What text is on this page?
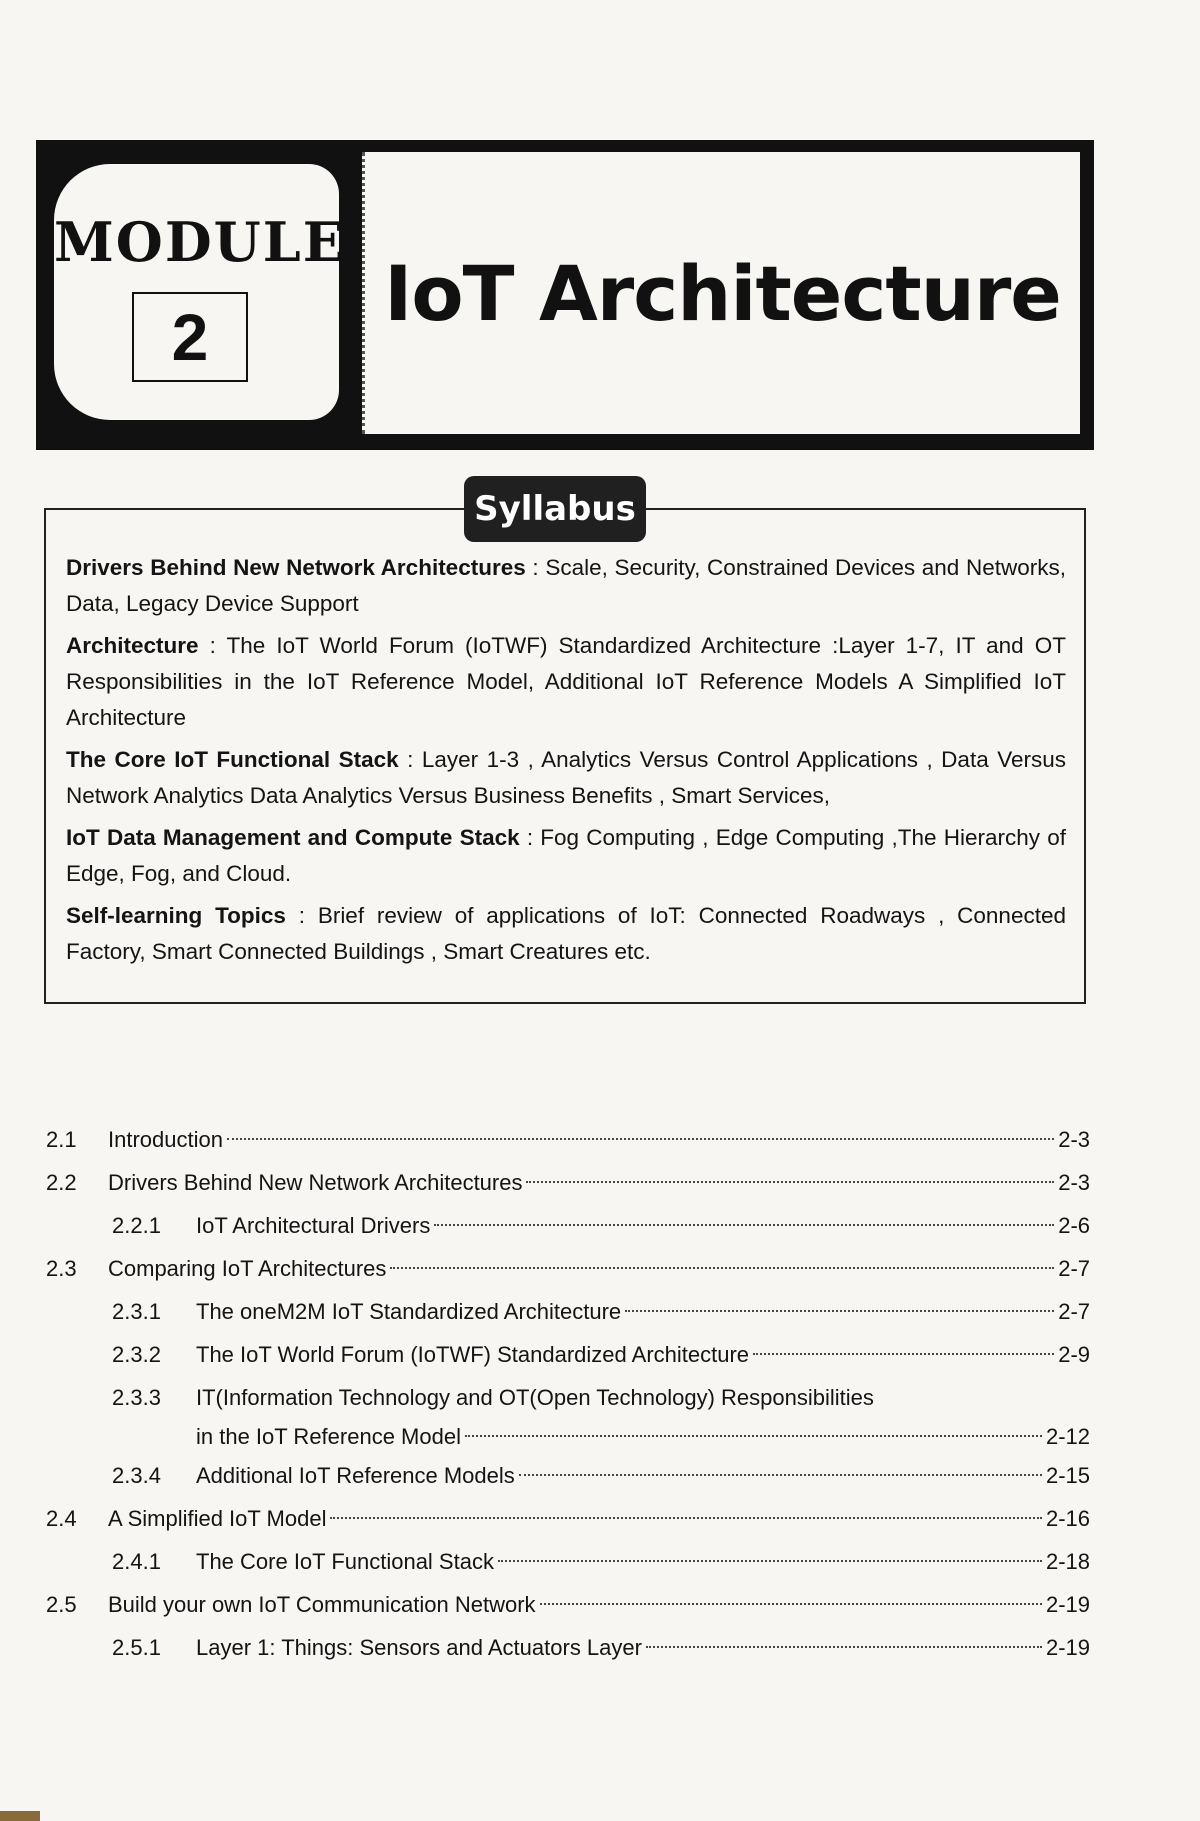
MODULE
2	IoT Architecture

Drivers Behind New Network Architectures : Scale, Security, Constrained Devices and Networks, Data, Legacy Device Support

Architecture : The IoT World Forum (IoTWF) Standardized Architecture :Layer 1-7, IT and OT Responsibilities in the IoT Reference Model, Additional IoT Reference Models A Simplified IoT Architecture

The Core IoT Functional Stack : Layer 1-3 , Analytics Versus Control Applications , Data Versus Network Analytics Data Analytics Versus Business Benefits , Smart Services,

IoT Data Management and Compute Stack : Fog Computing , Edge Computing ,The Hierarchy of Edge, Fog, and Cloud.

Self-learning Topics : Brief review of applications of IoT: Connected Roadways , Connected Factory, Smart Connected Buildings , Smart Creatures etc.

Syllabus
2.1 Introduction	2-3
2.2 Drivers Behind New Network Architectures	2-3
2.2.1 IoT Architectural Drivers	2-6
2.3 Comparing IoT Architectures	2-7
2.3.1 The oneM2M IoT Standardized Architecture	2-7
2.3.2 The IoT World Forum (IoTWF) Standardized Architecture	2-9
2.3.3 IT(Information Technology and OT(Open Technology) Responsibilities
in the IoT Reference Model	2-12
2.3.4 Additional IoT Reference Models	2-15
2.4 A Simplified IoT Model	2-16
2.4.1 The Core IoT Functional Stack	2-18
2.5 Build your own IoT Communication Network	2-19
2.5.1 Layer 1: Things: Sensors and Actuators Layer	2-19
